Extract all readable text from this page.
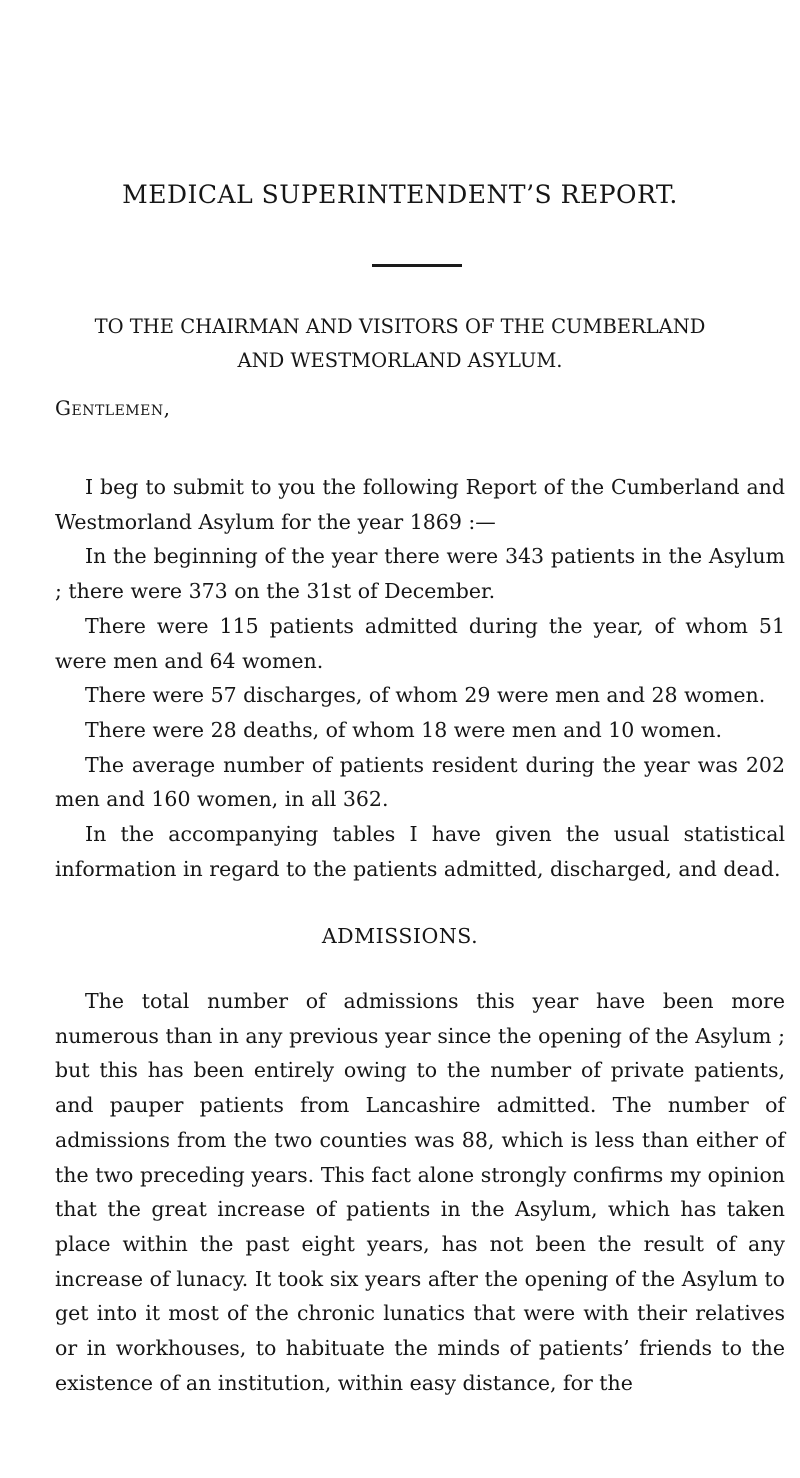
MEDICAL SUPERINTENDENT’S REPORT.
TO THE CHAIRMAN AND VISITORS OF THE CUMBERLAND
AND WESTMORLAND ASYLUM.
Gentlemen,

I beg to submit to you the following Report of the Cumberland and Westmorland Asylum for the year 1869 :—

In the beginning of the year there were 343 patients in the Asylum ; there were 373 on the 31st of December.

There were 115 patients admitted during the year, of whom 51 were men and 64 women.

There were 57 discharges, of whom 29 were men and 28 women.

There were 28 deaths, of whom 18 were men and 10 women.

The average number of patients resident during the year was 202 men and 160 women, in all 362.

In the accompanying tables I have given the usual statistical information in regard to the patients admitted, discharged, and dead.

ADMISSIONS.

The total number of admissions this year have been more numerous than in any previous year since the opening of the Asylum ; but this has been entirely owing to the number of private patients, and pauper patients from Lancashire admitted. The number of admissions from the two counties was 88, which is less than either of the two preceding years. This fact alone strongly confirms my opinion that the great increase of patients in the Asylum, which has taken place within the past eight years, has not been the result of any increase of lunacy. It took six years after the opening of the Asylum to get into it most of the chronic lunatics that were with their relatives or in workhouses, to habituate the minds of patients’ friends to the existence of an institution, within easy distance, for the
